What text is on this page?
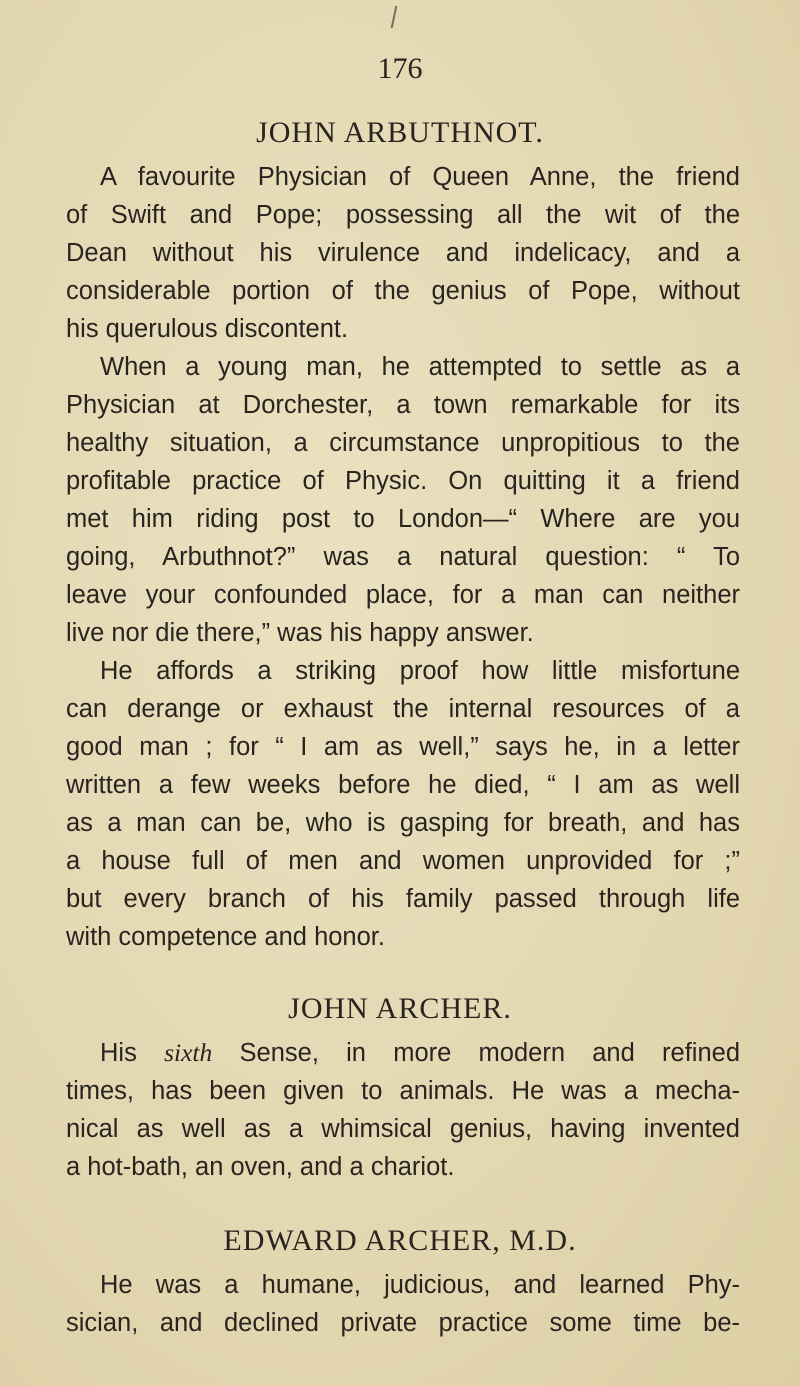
176
JOHN ARBUTHNOT.
A favourite Physician of Queen Anne, the friend
of Swift and Pope; possessing all the wit of the
Dean without his virulence and indelicacy, and a
considerable portion of the genius of Pope, without
his querulous discontent.
When a young man, he attempted to settle as a
Physician at Dorchester, a town remarkable for its
healthy situation, a circumstance unpropitious to the
profitable practice of Physic. On quitting it a friend
met him riding post to London—“ Where are you
going, Arbuthnot?” was a natural question: “ To
leave your confounded place, for a man can neither
live nor die there,” was his happy answer.
He affords a striking proof how little misfortune
can derange or exhaust the internal resources of a
good man ; for “ I am as well,” says he, in a letter
written a few weeks before he died, “ I am as well
as a man can be, who is gasping for breath, and has
a house full of men and women unprovided for ;”
but every branch of his family passed through life
with competence and honor.
JOHN ARCHER.
His sixth Sense, in more modern and refined
times, has been given to animals. He was a mecha-
nical as well as a whimsical genius, having invented
a hot-bath, an oven, and a chariot.
EDWARD ARCHER, M.D.
He was a humane, judicious, and learned Phy-
sician, and declined private practice some time be-
